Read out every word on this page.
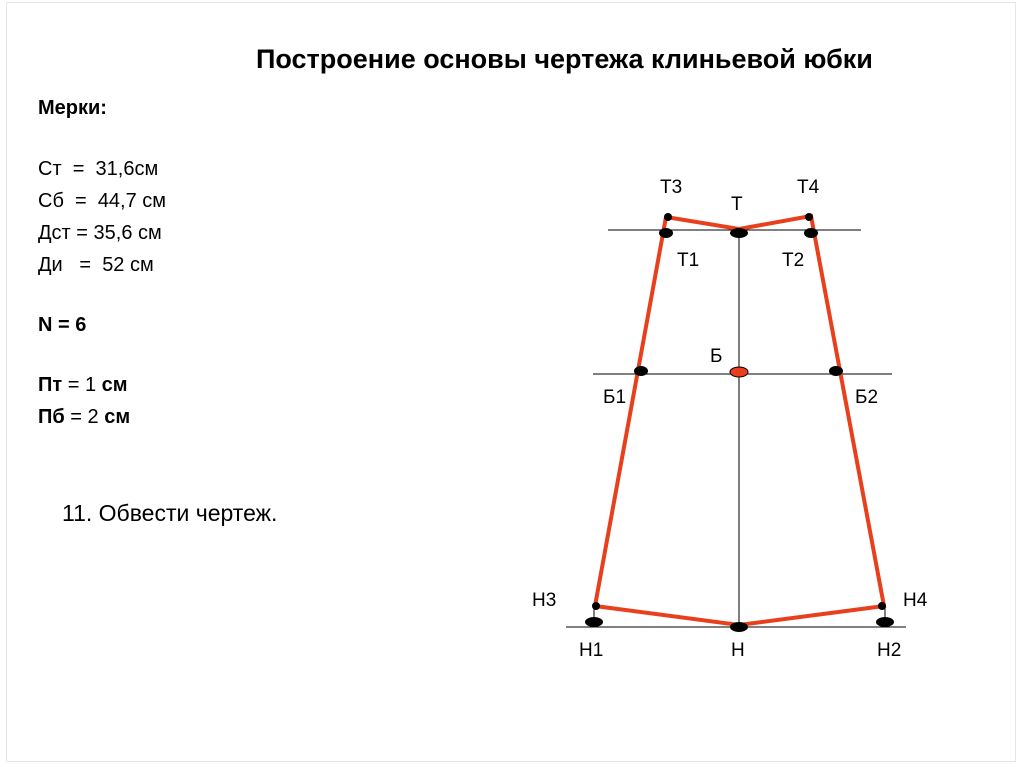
Построение основы чертежа клиньевой юбки
Мерки:
Ст  =  31,6см
Сб  =  44,7 см
Дст = 35,6 см
Ди   =  52 см
N = 6
Пт = 1 см
Пб = 2 см
11. Обвести чертеж.
Т3	Т4
Т
Т1	Т2
Б
Б1	Б2
Н3	Н4
Н1	Н	Н2
